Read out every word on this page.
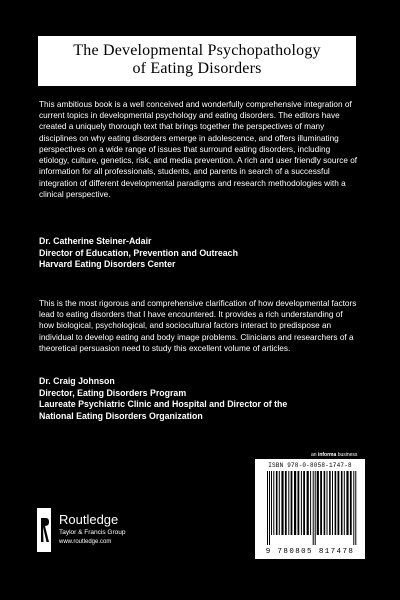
The Developmental Psychopathology
of Eating Disorders
This ambitious book is a well conceived and wonderfully comprehensive integration of current topics in developmental psychology and eating disorders. The editors have created a uniquely thorough text that brings together the perspectives of many disciplines on why eating disorders emerge in adolescence, and offers illuminating perspectives on a wide range of issues that surround eating disorders, including etiology, culture, genetics, risk, and media prevention. A rich and user friendly source of information for all professionals, students, and parents in search of a successful integration of different developmental paradigms and research methodologies with a clinical perspective.
Dr. Catherine Steiner-Adair
Director of Education, Prevention and Outreach
Harvard Eating Disorders Center
This is the most rigorous and comprehensive clarification of how developmental factors lead to eating disorders that I have encountered. It provides a rich understanding of how biological, psychological, and sociocultural factors interact to predispose an individual to develop eating and body image problems. Clinicians and researchers of a theoretical persuasion need to study this excellent volume of articles.
Dr. Craig Johnson
Director, Eating Disorders Program
Laureate Psychiatric Clinic and Hospital and Director of the
National Eating Disorders Organization
an informa business
ISBN 978-0-8058-1747-8
9 780805 817478
Routledge
Taylor & Francis Group
www.routledge.com
